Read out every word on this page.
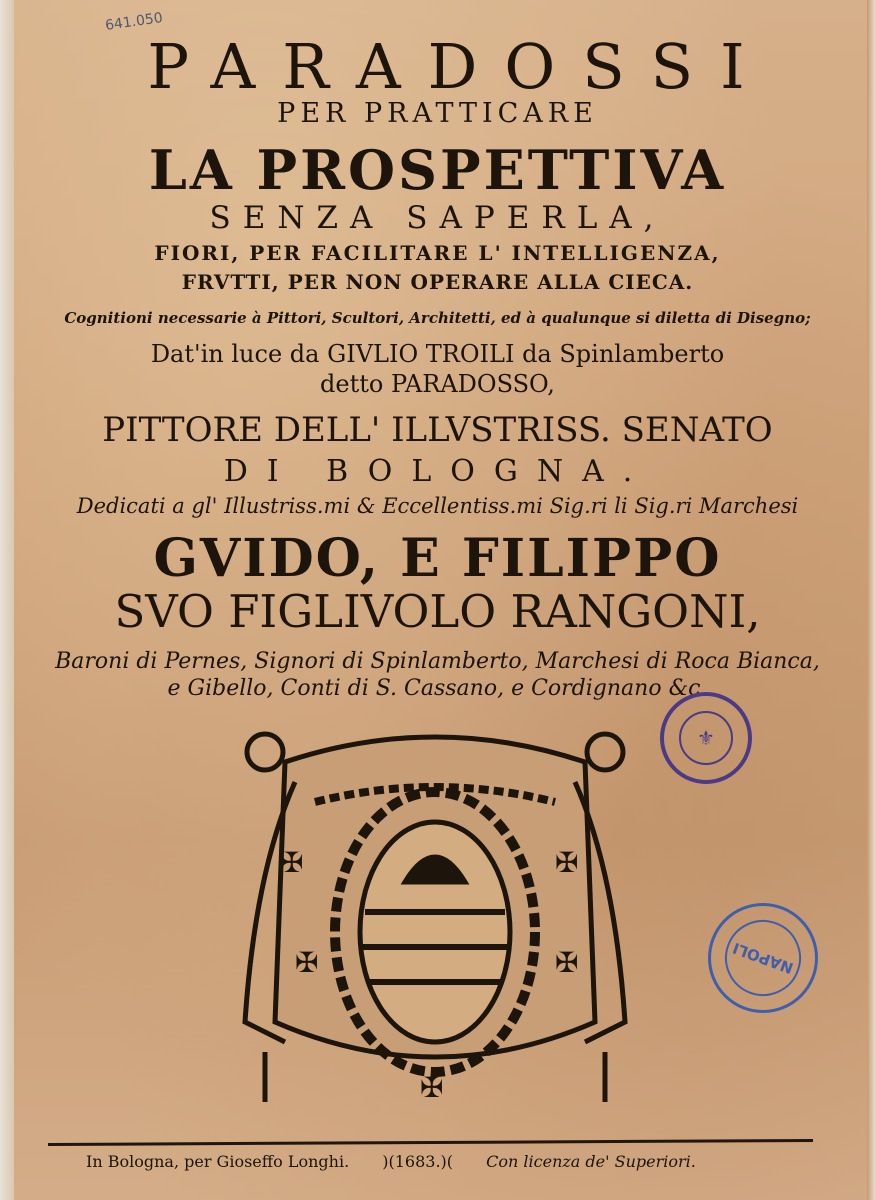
641.050
PARADOSSI
PER PRATTICARE
LA PROSPETTIVA
SENZA SAPERLA,
FIORI, PER FACILITARE L' INTELLIGENZA,
FRVTTI, PER NON OPERARE ALLA CIECA.
Cognitioni necessarie à Pittori, Scultori, Architetti, ed à qualunque si diletta di Disegno;
Dat'in luce da GIVLIO TROILI da Spinlamberto
detto PARADOSSO,
PITTORE DELL' ILLVSTRISS. SENATO
DI BOLOGNA.
Dedicati a gl' Illustriss.mi & Eccellentiss.mi Sig.ri li Sig.ri Marchesi
GVIDO, E FILIPPO
SVO FIGLIVOLO RANGONI,
Baroni di Pernes, Signori di Spinlamberto, Marchesi di Roca Bianca,
e Gibello, Conti di S. Cassano, e Cordignano &c.
✠
✠
✠
✠
✠
⚜
NAPOLI
In Bologna, per Gioseffo Longhi. )(1683.)( Con licenza de' Superiori.
